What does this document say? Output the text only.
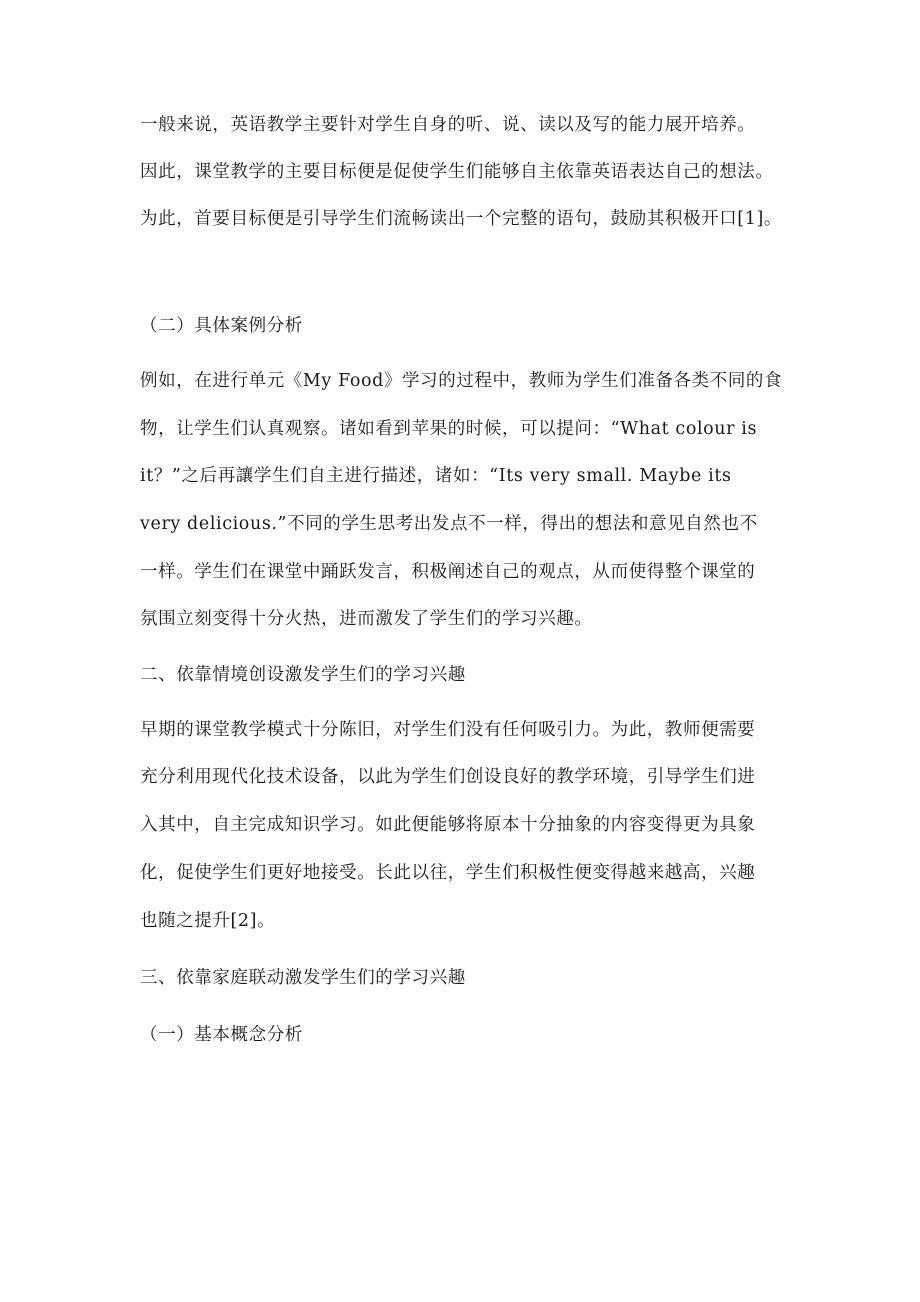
一般来说，英语教学主要针对学生自身的听、说、读以及写的能力展开培养。
因此，课堂教学的主要目标便是促使学生们能够自主依靠英语表达自己的想法。
为此，首要目标便是引导学生们流畅读出一个完整的语句，鼓励其积极开口[1]。
（二）具体案例分析
例如，在进行单元《My Food》学习的过程中，教师为学生们准备各类不同的食
物，让学生们认真观察。诸如看到苹果的时候，可以提问：“What colour is
it？”之后再讓学生们自主进行描述，诸如：“Its very small. Maybe its
very delicious.”不同的学生思考出发点不一样，得出的想法和意见自然也不
一样。学生们在课堂中踊跃发言，积极阐述自己的观点，从而使得整个课堂的
氛围立刻变得十分火热，进而激发了学生们的学习兴趣。
二、依靠情境创设激发学生们的学习兴趣
早期的课堂教学模式十分陈旧，对学生们没有任何吸引力。为此，教师便需要
充分利用现代化技术设备，以此为学生们创设良好的教学环境，引导学生们进
入其中，自主完成知识学习。如此便能够将原本十分抽象的内容变得更为具象
化，促使学生们更好地接受。长此以往，学生们积极性便变得越来越高，兴趣
也随之提升[2]。
三、依靠家庭联动激发学生们的学习兴趣
（一）基本概念分析
